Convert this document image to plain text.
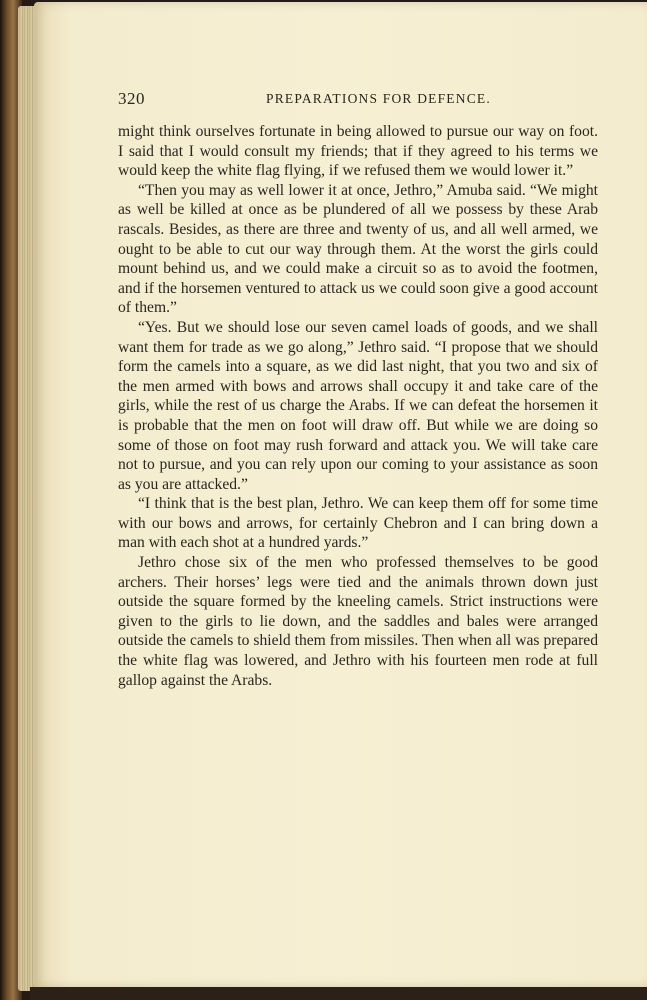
320	PREPARATIONS FOR DEFENCE.

might think ourselves fortunate in being allowed to pursue our way on foot. I said that I would consult my friends; that if they agreed to his terms we would keep the white flag flying, if we refused them we would lower it.”

“Then you may as well lower it at once, Jethro,” Amuba said. “We might as well be killed at once as be plundered of all we possess by these Arab rascals. Besides, as there are three and twenty of us, and all well armed, we ought to be able to cut our way through them. At the worst the girls could mount behind us, and we could make a circuit so as to avoid the footmen, and if the horsemen ventured to attack us we could soon give a good account of them.”

“Yes. But we should lose our seven camel loads of goods, and we shall want them for trade as we go along,” Jethro said. “I propose that we should form the camels into a square, as we did last night, that you two and six of the men armed with bows and arrows shall occupy it and take care of the girls, while the rest of us charge the Arabs. If we can defeat the horsemen it is probable that the men on foot will draw off. But while we are doing so some of those on foot may rush forward and attack you. We will take care not to pursue, and you can rely upon our coming to your assistance as soon as you are attacked.”

“I think that is the best plan, Jethro. We can keep them off for some time with our bows and arrows, for certainly Chebron and I can bring down a man with each shot at a hundred yards.”

Jethro chose six of the men who professed themselves to be good archers. Their horses’ legs were tied and the animals thrown down just outside the square formed by the kneeling camels. Strict instructions were given to the girls to lie down, and the saddles and bales were arranged outside the camels to shield them from missiles. Then when all was prepared the white flag was lowered, and Jethro with his fourteen men rode at full gallop against the Arabs.
